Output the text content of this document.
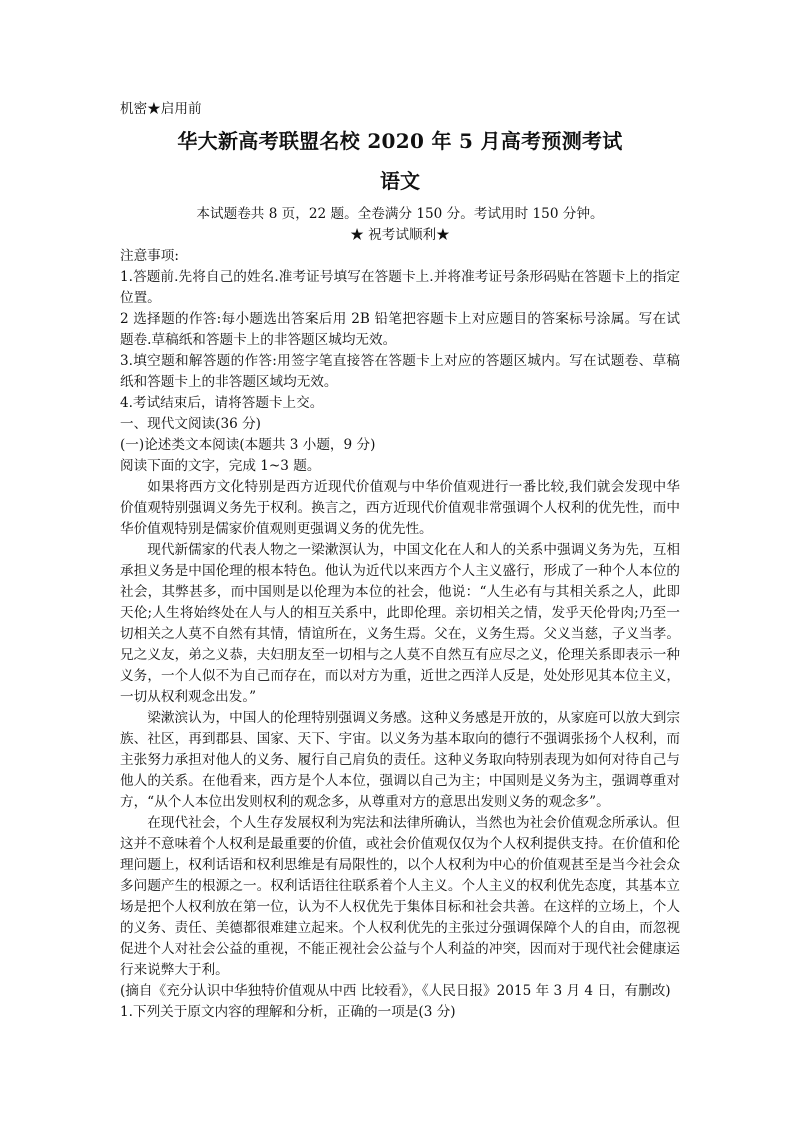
机密★启用前

华大新高考联盟名校 2020 年 5 月高考预测考试

语文

本试题卷共 8 页，22 题。全卷满分 150 分。考试用时 150 分钟。

★ 祝考试顺利★

注意事项:

1.答题前.先将自己的姓名.准考证号填写在答题卡上.并将准考证号条形码贴在答题卡上的指定位置。

2 选择题的作答:每小题选出答案后用 2B 铅笔把容题卡上对应题目的答案标号涂属。写在试题卷.草稿纸和答题卡上的非答题区城均无效。

3.填空题和解答题的作答:用签字笔直接答在答题卡上对应的答题区城内。写在试题卷、草稿纸和答题卡上的非答题区域均无效。

4.考试结束后，请将答题卡上交。

一、现代文阅读(36 分)

(一)论述类文本阅读(本题共 3 小题，9 分)

阅读下面的文字，完成 1~3 题。

如果将西方文化特别是西方近现代价值观与中华价值观进行一番比较,我们就会发现中华价值观特别强调义务先于权利。换言之，西方近现代价值观非常强调个人权利的优先性，而中华价值观特别是儒家价值观则更强调义务的优先性。

现代新儒家的代表人物之一梁漱溟认为，中国文化在人和人的关系中强调义务为先，互相承担义务是中国伦理的根本特色。他认为近代以来西方个人主义盛行，形成了一种个人本位的社会，其弊甚多，而中国则是以伦理为本位的社会，他说：“人生必有与其相关系之人，此即天伦;人生将始终处在人与人的相互关系中，此即伦理。亲切相关之情，发乎天伦骨肉;乃至一切相关之人莫不自然有其情，情谊所在，义务生焉。父在，义务生焉。父义当慈，子义当孝。兄之义友，弟之义恭，夫妇朋友至一切相与之人莫不自然互有应尽之义，伦理关系即表示一种义务，一个人似不为自己而存在，而以对方为重，近世之西洋人反是，处处形见其本位主义，一切从权利观念出发。”

梁漱滨认为，中国人的伦理特别强调义务感。这种义务感是开放的，从家庭可以放大到宗族、社区，再到郡县、国家、天下、宇宙。以义务为基本取向的德行不强调张扬个人权利，而主张努力承担对他人的义务、履行自己肩负的责任。这种义务取向特别表现为如何对待自己与他人的关系。在他看来，西方是个人本位，强调以自己为主；中国则是义务为主，强调尊重对方，“从个人本位出发则权利的观念多，从尊重对方的意思出发则义务的观念多”。

在现代社会，个人生存发展权利为宪法和法律所确认，当然也为社会价值观念所承认。但这并不意味着个人权利是最重要的价值，或社会价值观仅仅为个人权利提供支持。在价值和伦理问题上，权利话语和权利思维是有局限性的，以个人权利为中心的价值观甚至是当今社会众多问题产生的根源之一。权利话语往往联系着个人主义。个人主义的权利优先态度，其基本立场是把个人权利放在第一位，认为不人权优先于集体目标和社会共善。在这样的立场上，个人的义务、责任、美德都很难建立起来。个人权利优先的主张过分强调保障个人的自由，而忽视促进个人对社会公益的重视，不能正视社会公益与个人利益的冲突，因而对于现代社会健康运行来说弊大于利。

(摘自《充分认识中华独特价值观从中西 比较看》，《人民日报》2015 年 3 月 4 日，有删改)

1.下列关于原文内容的理解和分析，正确的一项是(3 分)
